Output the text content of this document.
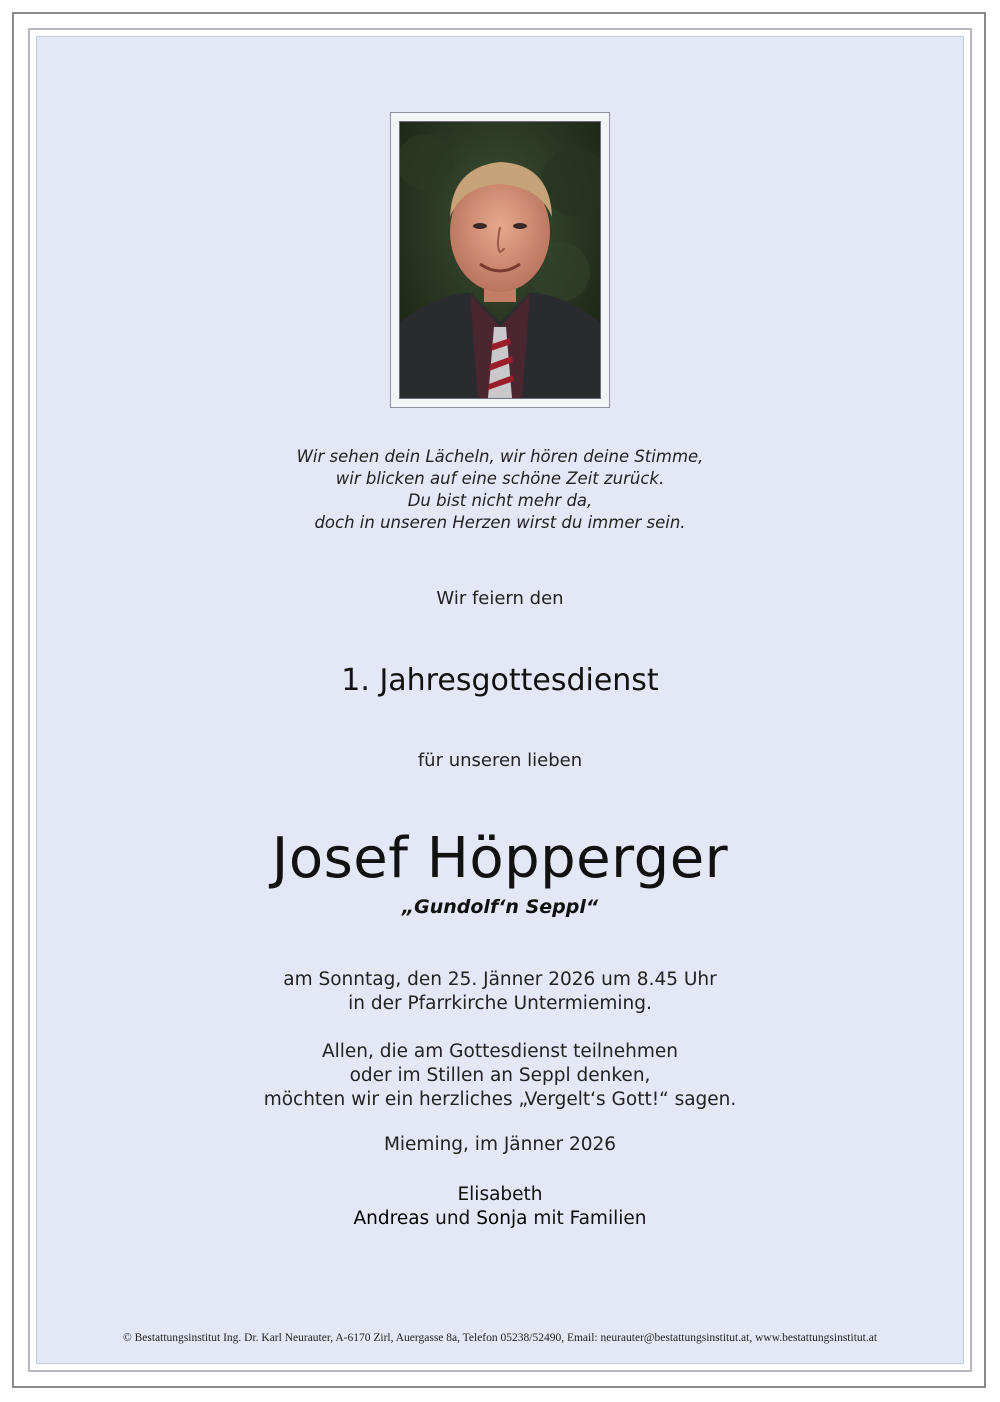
Wir sehen dein Lächeln, wir hören deine Stimme,
wir blicken auf eine schöne Zeit zurück.
Du bist nicht mehr da,
doch in unseren Herzen wirst du immer sein.
Wir feiern den
1. Jahresgottesdienst
für unseren lieben
Josef Höpperger
„Gundolf‘n Seppl“
am Sonntag, den 25. Jänner 2026 um 8.45 Uhr
in der Pfarrkirche Untermieming.
Allen, die am Gottesdienst teilnehmen
oder im Stillen an Seppl denken,
möchten wir ein herzliches „Vergelt‘s Gott!“ sagen.
Mieming, im Jänner 2026
Elisabeth
Andreas und Sonja mit Familien
© Bestattungsinstitut Ing. Dr. Karl Neurauter, A-6170 Zirl, Auergasse 8a, Telefon 05238/52490, Email: neurauter@bestattungsinstitut.at, www.bestattungsinstitut.at
